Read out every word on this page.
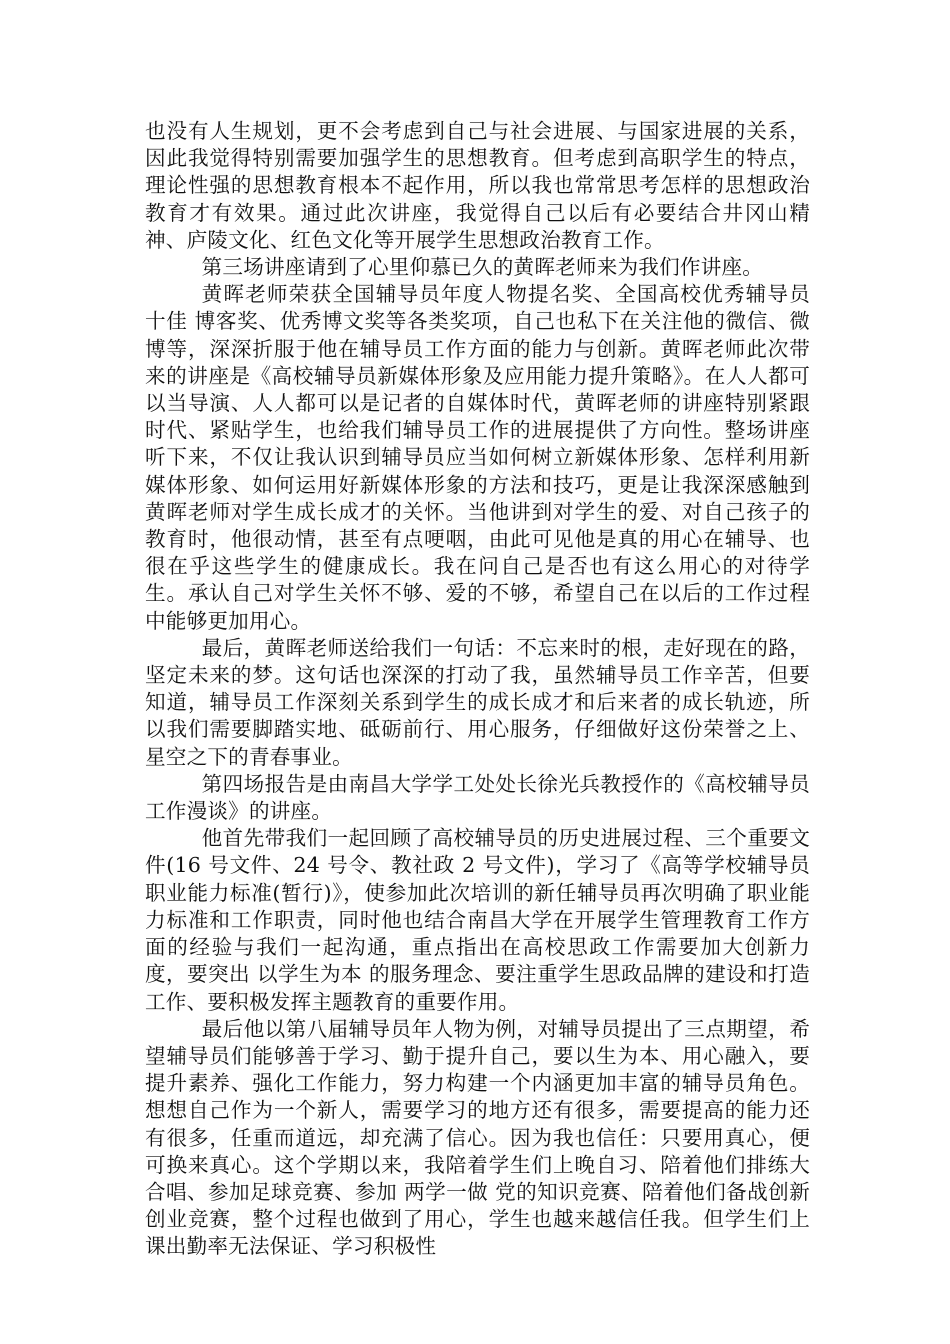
也没有人生规划，更不会考虑到自己与社会进展、与国家进展的关系，因此我觉得特别需要加强学生的思想教育。但考虑到高职学生的特点，理论性强的思想教育根本不起作用，所以我也常常思考怎样的思想政治教育才有效果。通过此次讲座，我觉得自己以后有必要结合井冈山精神、庐陵文化、红色文化等开展学生思想政治教育工作。

第三场讲座请到了心里仰慕已久的黄晖老师来为我们作讲座。

黄晖老师荣获全国辅导员年度人物提名奖、全国高校优秀辅导员 十佳 博客奖、优秀博文奖等各类奖项，自己也私下在关注他的微信、微博等，深深折服于他在辅导员工作方面的能力与创新。黄晖老师此次带来的讲座是《高校辅导员新媒体形象及应用能力提升策略》。在人人都可以当导演、人人都可以是记者的自媒体时代，黄晖老师的讲座特别紧跟时代、紧贴学生，也给我们辅导员工作的进展提供了方向性。整场讲座听下来，不仅让我认识到辅导员应当如何树立新媒体形象、怎样利用新媒体形象、如何运用好新媒体形象的方法和技巧，更是让我深深感触到黄晖老师对学生成长成才的关怀。当他讲到对学生的爱、对自己孩子的教育时，他很动情，甚至有点哽咽，由此可见他是真的用心在辅导、也很在乎这些学生的健康成长。我在问自己是否也有这么用心的对待学生。承认自己对学生关怀不够、爱的不够，希望自己在以后的工作过程中能够更加用心。

最后，黄晖老师送给我们一句话：不忘来时的根，走好现在的路，坚定未来的梦。这句话也深深的打动了我，虽然辅导员工作辛苦，但要知道，辅导员工作深刻关系到学生的成长成才和后来者的成长轨迹，所以我们需要脚踏实地、砥砺前行、用心服务，仔细做好这份荣誉之上、星空之下的青春事业。

第四场报告是由南昌大学学工处处长徐光兵教授作的《高校辅导员工作漫谈》的讲座。

他首先带我们一起回顾了高校辅导员的历史进展过程、三个重要文件(16 号文件、24 号令、教社政 2 号文件)，学习了《高等学校辅导员职业能力标准(暂行)》，使参加此次培训的新任辅导员再次明确了职业能力标准和工作职责，同时他也结合南昌大学在开展学生管理教育工作方面的经验与我们一起沟通，重点指出在高校思政工作需要加大创新力度，要突出 以学生为本 的服务理念、要注重学生思政品牌的建设和打造工作、要积极发挥主题教育的重要作用。

最后他以第八届辅导员年人物为例，对辅导员提出了三点期望，希望辅导员们能够善于学习、勤于提升自己，要以生为本、用心融入，要提升素养、强化工作能力，努力构建一个内涵更加丰富的辅导员角色。想想自己作为一个新人，需要学习的地方还有很多，需要提高的能力还有很多，任重而道远，却充满了信心。因为我也信任：只要用真心，便可换来真心。这个学期以来，我陪着学生们上晚自习、陪着他们排练大合唱、参加足球竞赛、参加 两学一做 党的知识竞赛、陪着他们备战创新创业竞赛，整个过程也做到了用心，学生也越来越信任我。但学生们上课出勤率无法保证、学习积极性
